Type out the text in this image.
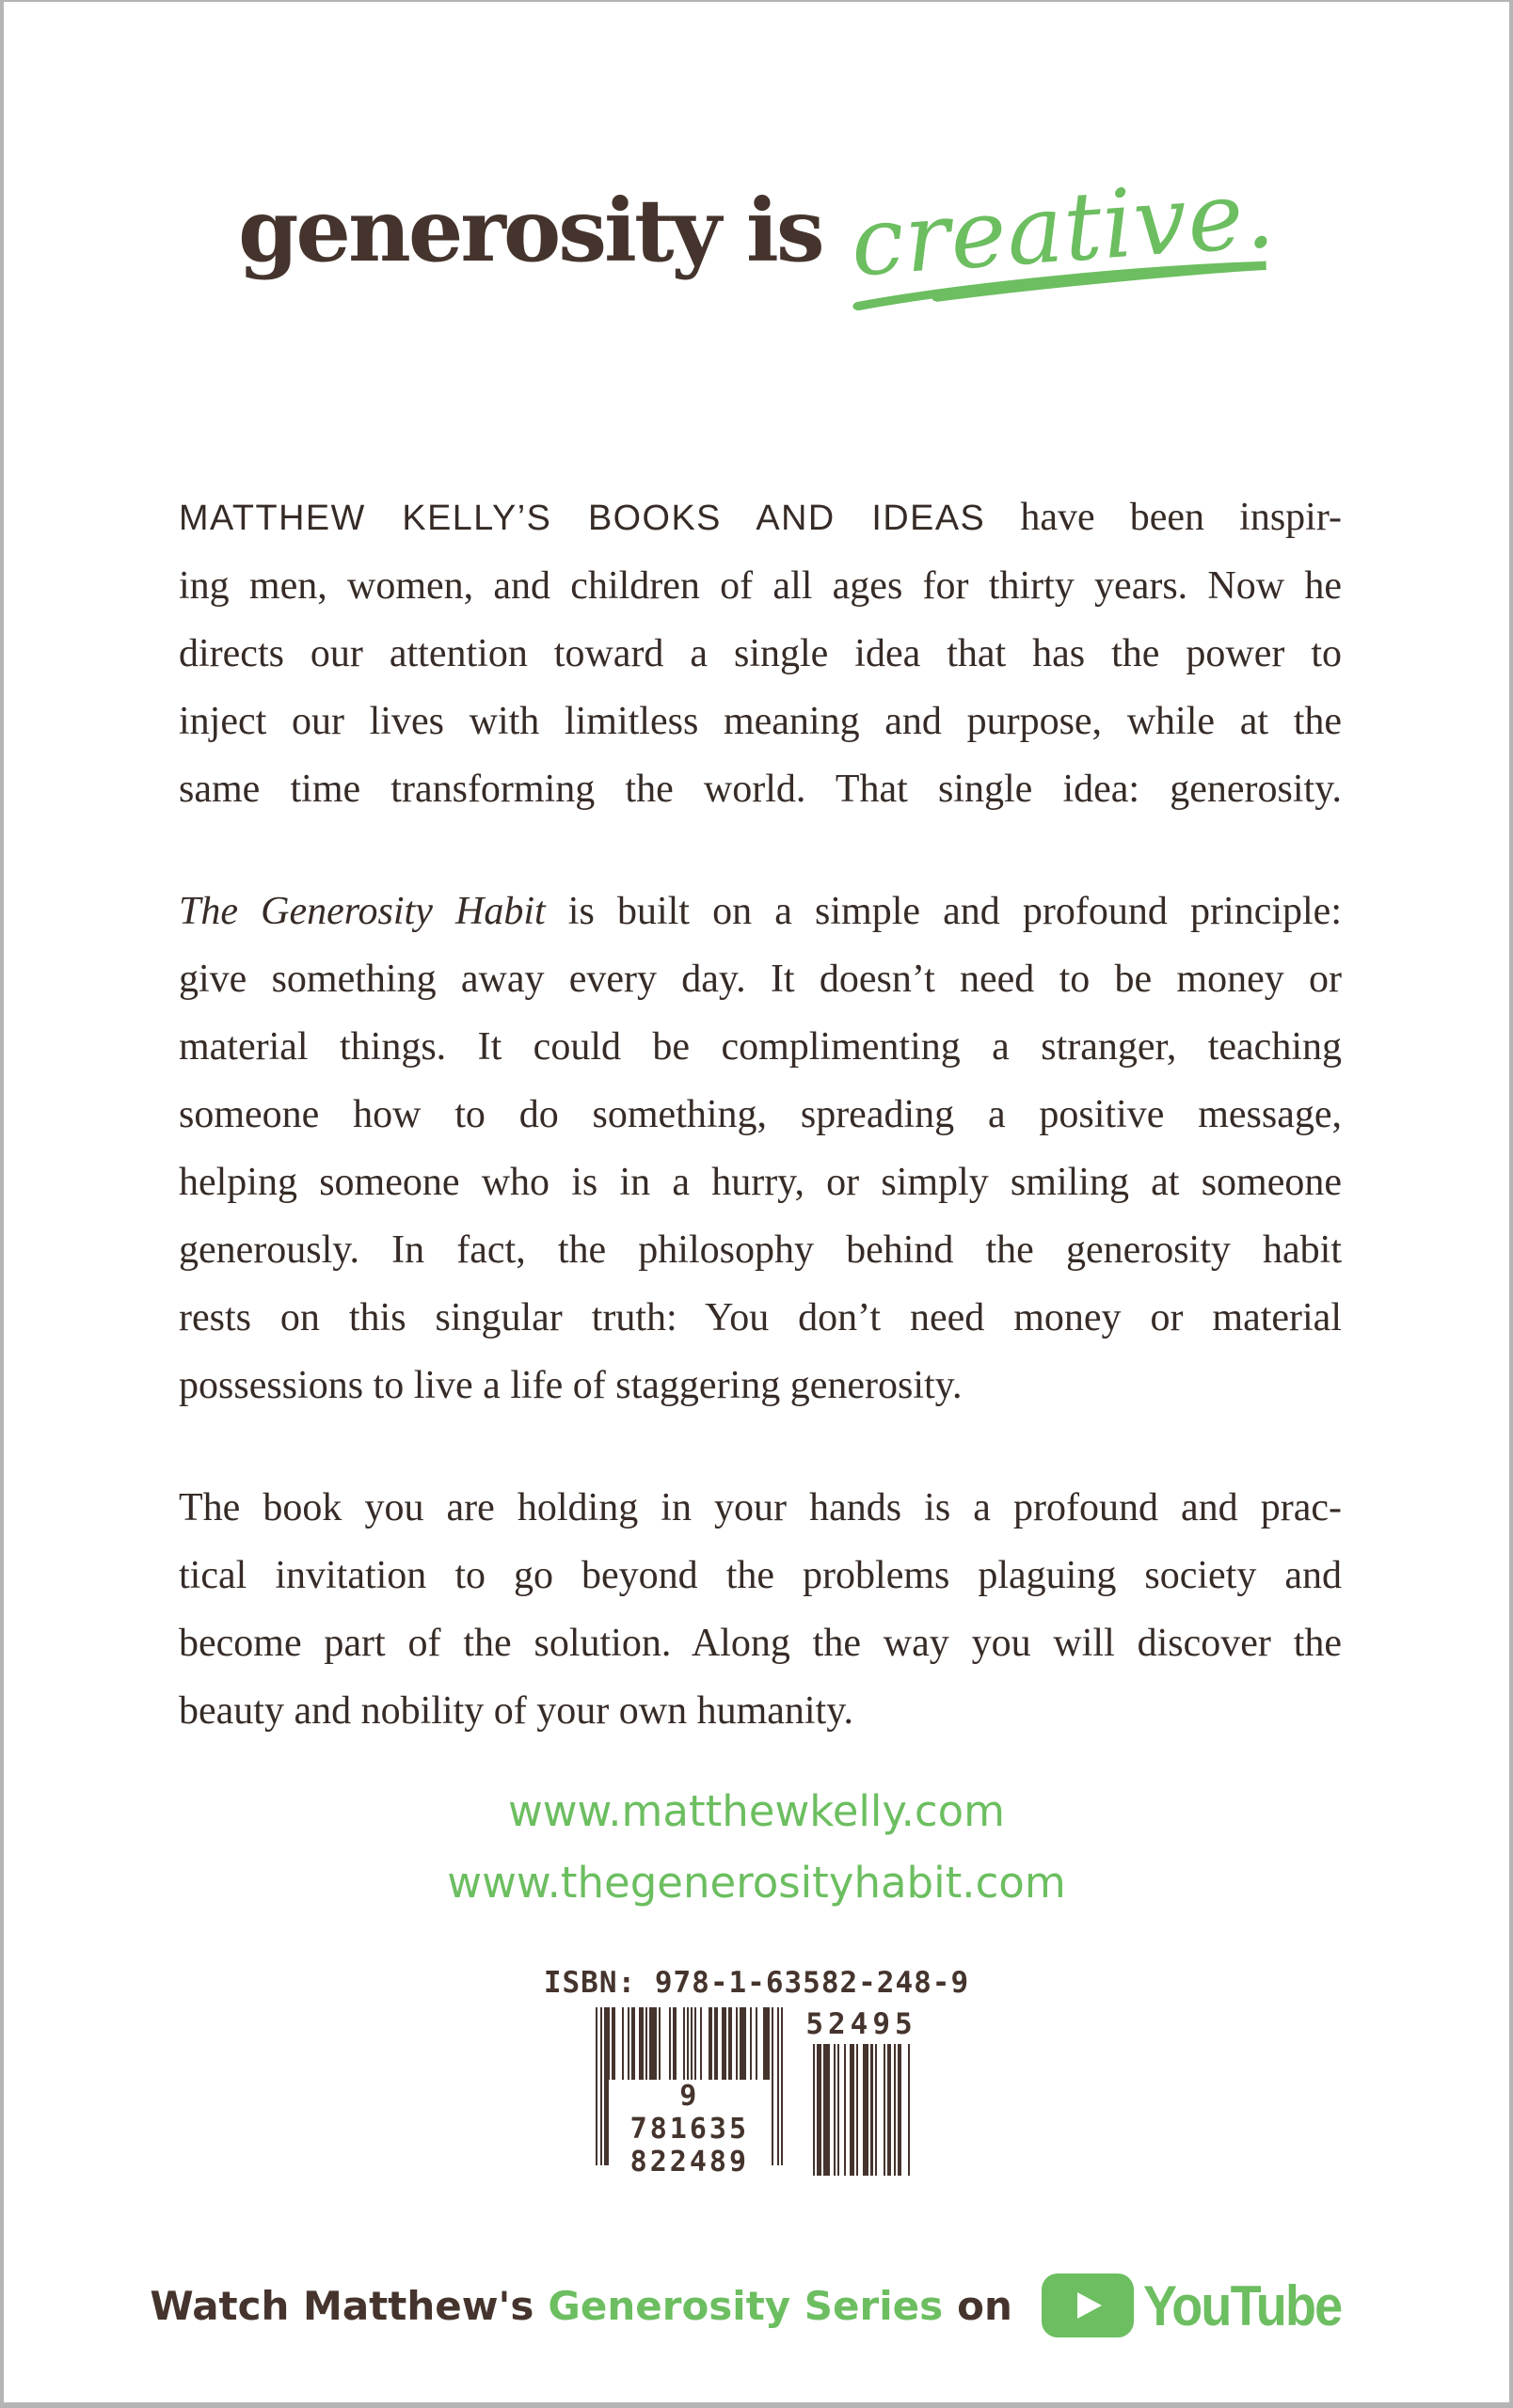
generosity is creative.
MATTHEW KELLY’S BOOKS AND IDEAS have been inspir-
ing men, women, and children of all ages for thirty years. Now he
directs our attention toward a single idea that has the power to
inject our lives with limitless meaning and purpose, while at the
same time transforming the world. That single idea: generosity.
The Generosity Habit is built on a simple and profound principle:
give something away every day. It doesn’t need to be money or
material things. It could be complimenting a stranger, teaching
someone how to do something, spreading a positive message,
helping someone who is in a hurry, or simply smiling at someone
generously. In fact, the philosophy behind the generosity habit
rests on this singular truth: You don’t need money or material
possessions to live a life of staggering generosity.
The book you are holding in your hands is a profound and prac-
tical invitation to go beyond the problems plaguing society and
become part of the solution. Along the way you will discover the
beauty and nobility of your own humanity.
www.matthewkelly.com
www.thegenerosityhabit.com
ISBN: 978-1-63582-248-9
9 781635 822489
52495
Watch Matthew's Generosity Series on YouTube
